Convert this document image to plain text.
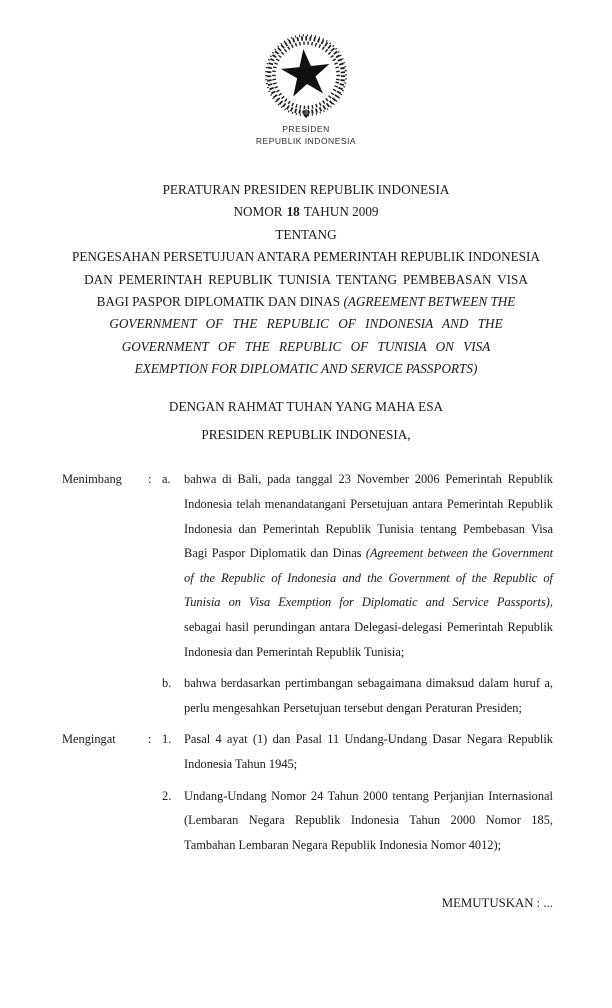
PRESIDEN
REPUBLIK INDONESIA
PERATURAN PRESIDEN REPUBLIK INDONESIA
NOMOR 18 TAHUN 2009
TENTANG
PENGESAHAN PERSETUJUAN ANTARA PEMERINTAH REPUBLIK INDONESIA
DAN PEMERINTAH REPUBLIK TUNISIA TENTANG PEMBEBASAN VISA
BAGI PASPOR DIPLOMATIK DAN DINAS (AGREEMENT BETWEEN THE
GOVERNMENT OF THE REPUBLIC OF INDONESIA AND THE
GOVERNMENT OF THE REPUBLIC OF TUNISIA ON VISA
EXEMPTION FOR DIPLOMATIC AND SERVICE PASSPORTS)
DENGAN RAHMAT TUHAN YANG MAHA ESA
PRESIDEN REPUBLIK INDONESIA,
Menimbang	: a.	bahwa di Bali, pada tanggal 23 November 2006 Pemerintah Republik
Indonesia telah menandatangani Persetujuan antara Pemerintah Republik
Indonesia dan Pemerintah Republik Tunisia tentang Pembebasan Visa
Bagi Paspor Diplomatik dan Dinas (Agreement between the Government
of the Republic of Indonesia and the Government of the Republic of
Tunisia on Visa Exemption for Diplomatic and Service Passports),
sebagai hasil perundingan antara Delegasi-delegasi Pemerintah Republik
Indonesia dan Pemerintah Republik Tunisia;
b.	bahwa berdasarkan pertimbangan sebagaimana dimaksud dalam huruf a,
perlu mengesahkan Persetujuan tersebut dengan Peraturan Presiden;
Mengingat	: 1.	Pasal 4 ayat (1) dan Pasal 11 Undang-Undang Dasar Negara Republik
Indonesia Tahun 1945;
2.	Undang-Undang Nomor 24 Tahun 2000 tentang Perjanjian Internasional
(Lembaran Negara Republik Indonesia Tahun 2000 Nomor 185,
Tambahan Lembaran Negara Republik Indonesia Nomor 4012);
MEMUTUSKAN : ...
